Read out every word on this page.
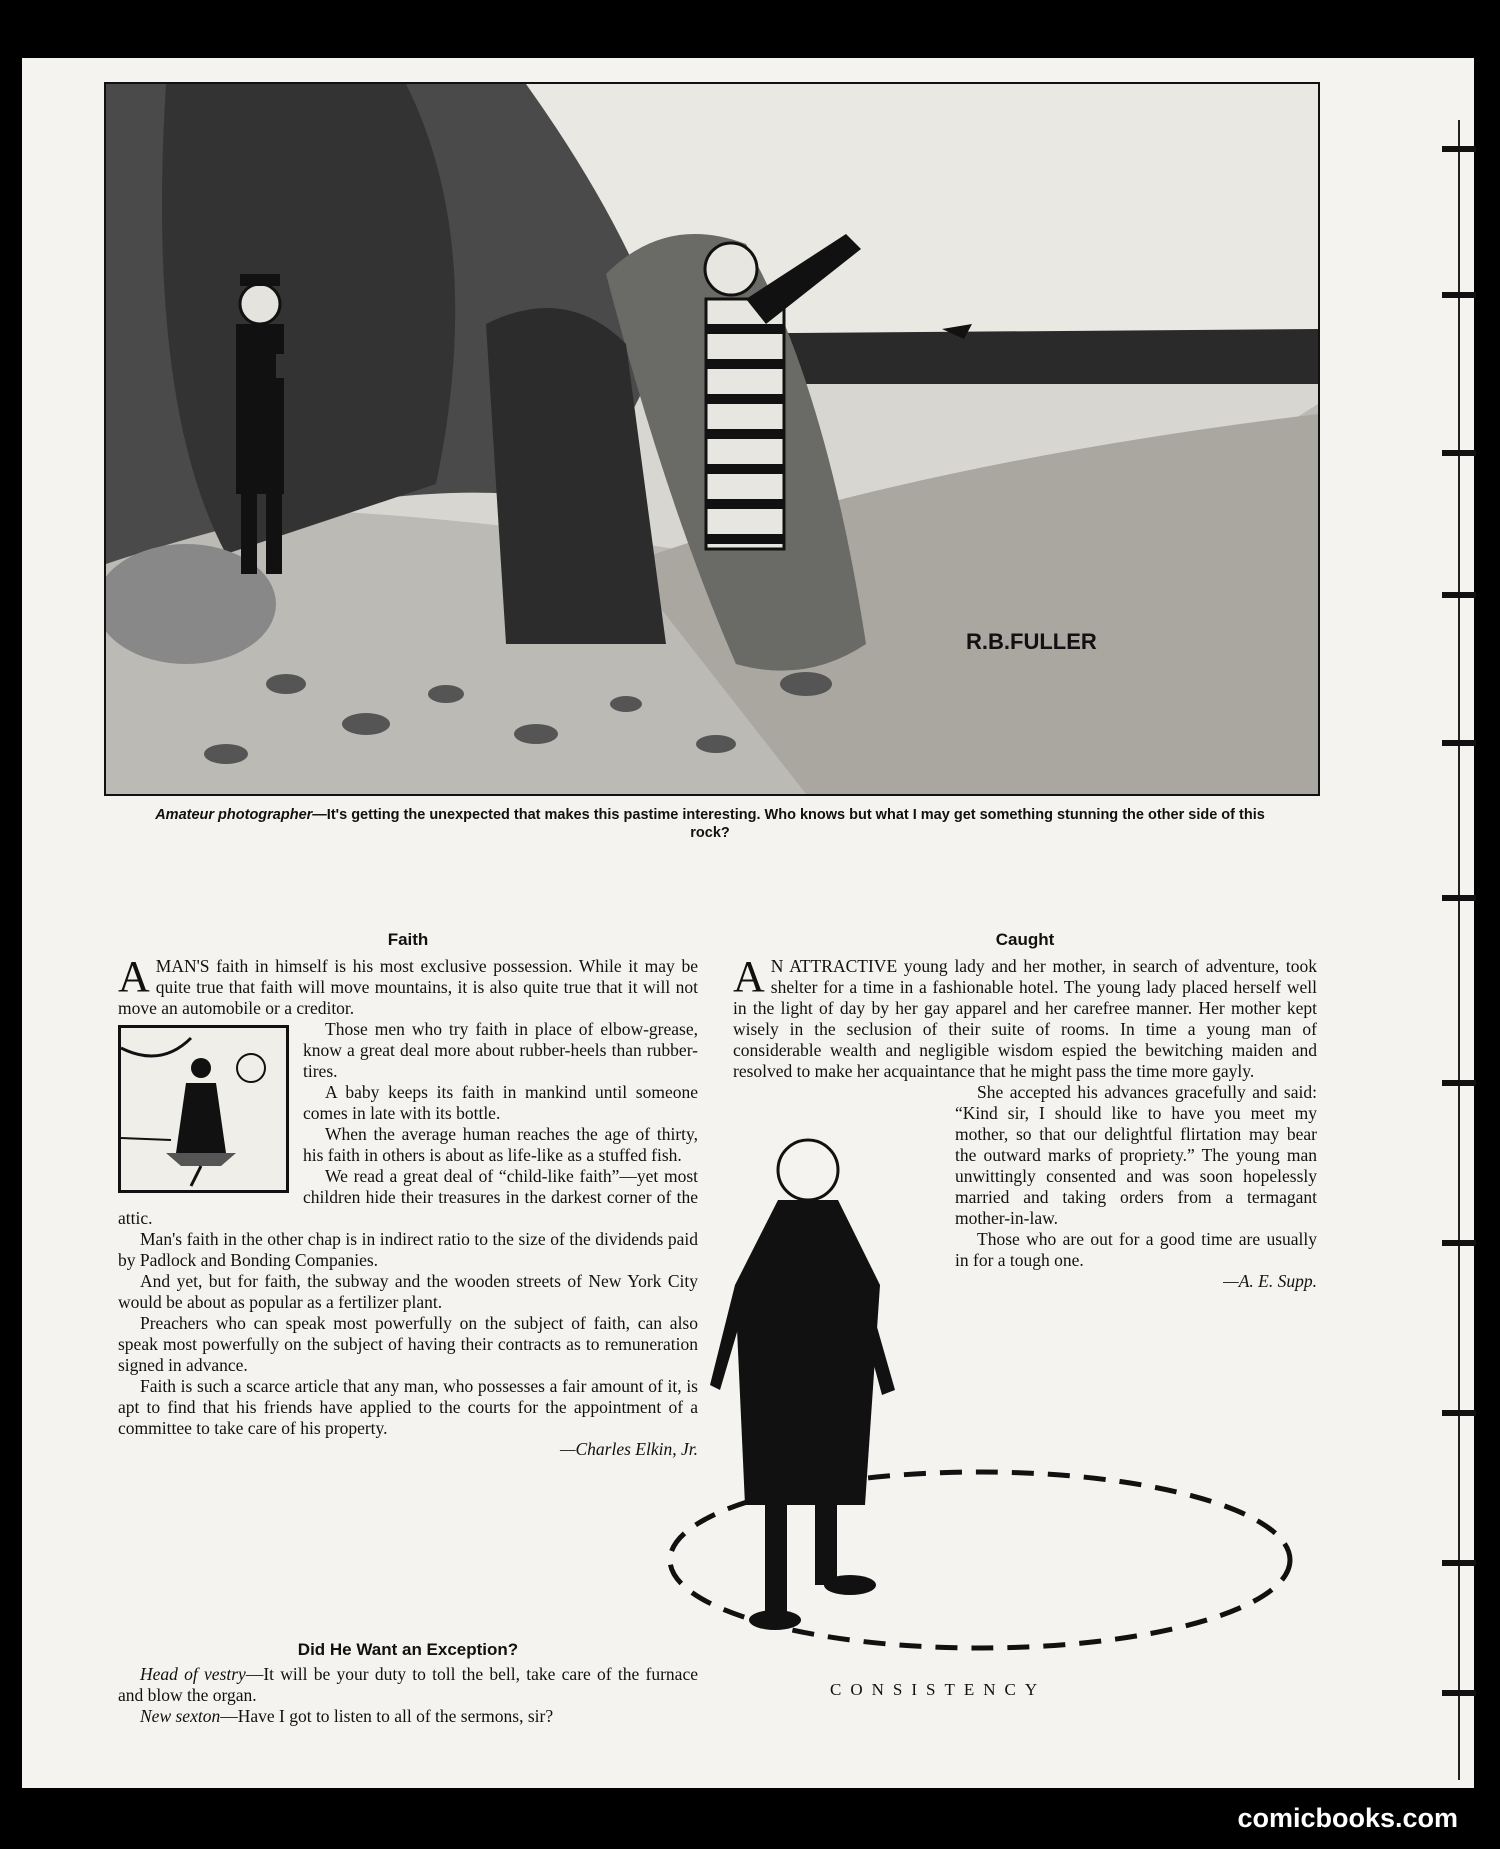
R.B.FULLER
Amateur photographer—It's getting the unexpected that makes this pastime interesting. Who knows but what I may get something stunning the other side of this rock?
Faith

AMAN'S faith in himself is his most exclusive possession. While it may be quite true that faith will move mountains, it is also quite true that it will not move an automobile or a creditor.

Those men who try faith in place of elbow-grease, know a great deal more about rubber-heels than rubber-tires.

A baby keeps its faith in mankind until someone comes in late with its bottle.

When the average human reaches the age of thirty, his faith in others is about as life-like as a stuffed fish.

We read a great deal of “child-like faith”—yet most children hide their treasures in the darkest corner of the attic.

Man's faith in the other chap is in indirect ratio to the size of the dividends paid by Padlock and Bonding Companies.

And yet, but for faith, the subway and the wooden streets of New York City would be about as popular as a fertilizer plant.

Preachers who can speak most powerfully on the subject of faith, can also speak most powerfully on the subject of having their contracts as to remuneration signed in advance.

Faith is such a scarce article that any man, who possesses a fair amount of it, is apt to find that his friends have applied to the courts for the appointment of a committee to take care of his property.

—Charles Elkin, Jr.

Did He Want an Exception?

Head of vestry—It will be your duty to toll the bell, take care of the furnace and blow the organ.

New sexton—Have I got to listen to all of the sermons, sir?

Caught

A N ATTRACTIVE young lady and her mother, in search of adventure, took shelter for a time in a fashionable hotel. The young lady placed herself well in the light of day by her gay apparel and her carefree manner. Her mother kept wisely in the seclusion of their suite of rooms. In time a young man of considerable wealth and negligible wisdom espied the bewitching maiden and resolved to make her acquaintance that he might pass the time more gayly.

She accepted his advances gracefully and said: “Kind sir, I should like to have you meet my mother, so that our delightful flirtation may bear the outward marks of propriety.” The young man unwittingly consented and was soon hopelessly married and taking orders from a termagant mother-in-law.

Those who are out for a good time are usually in for a tough one.

—A. E. Supp.

CONSISTENCY
comicbooks.com
